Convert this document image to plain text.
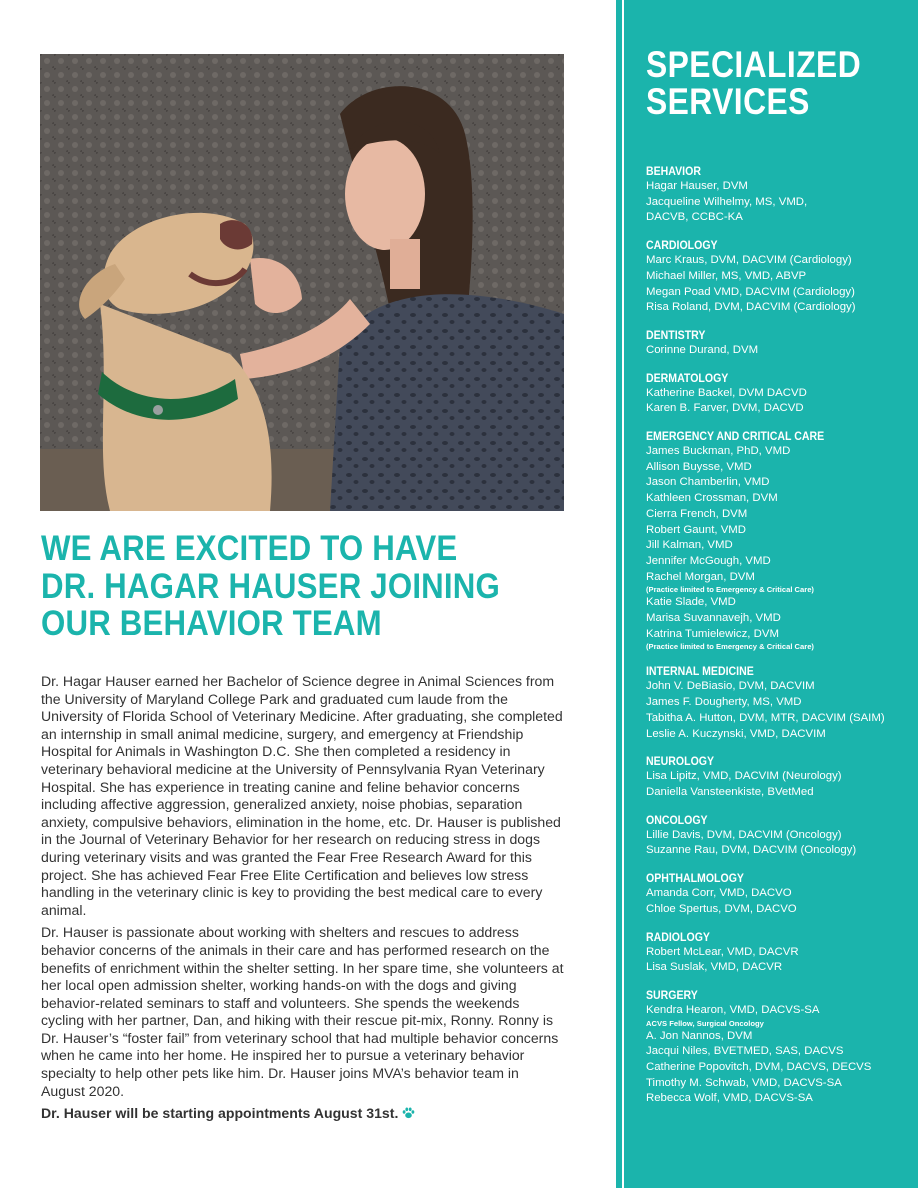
WE ARE EXCITED TO HAVE
DR. HAGAR HAUSER JOINING
OUR BEHAVIOR TEAM

Dr. Hagar Hauser earned her Bachelor of Science degree in Animal Sciences from the University of Maryland College Park and graduated cum laude from the University of Florida School of Veterinary Medicine. After graduating, she completed an internship in small animal medicine, surgery, and emergency at Friendship Hospital for Animals in Washington D.C. She then completed a residency in veterinary behavioral medicine at the University of Pennsylvania Ryan Veterinary Hospital. She has experience in treating canine and feline behavior concerns including affective aggression, generalized anxiety, noise phobias, separation anxiety, compulsive behaviors, elimination in the home, etc. Dr. Hauser is published in the Journal of Veterinary Behavior for her research on reducing stress in dogs during veterinary visits and was granted the Fear Free Research Award for this project. She has achieved Fear Free Elite Certification and believes low stress handling in the veterinary clinic is key to providing the best medical care to every animal.

Dr. Hauser is passionate about working with shelters and rescues to address behavior concerns of the animals in their care and has performed research on the benefits of enrichment within the shelter setting. In her spare time, she volunteers at her local open admission shelter, working hands-on with the dogs and giving behavior-related seminars to staff and volunteers. She spends the weekends cycling with her partner, Dan, and hiking with their rescue pit-mix, Ronny. Ronny is Dr. Hauser’s “foster fail” from veterinary school that had multiple behavior concerns when he came into her home. He inspired her to pursue a veterinary behavior specialty to help other pets like him. Dr. Hauser joins MVA’s behavior team in August 2020.

Dr. Hauser will be starting appointments August 31st.

SPECIALIZED
SERVICES
BEHAVIOR
Hagar Hauser, DVM
Jacqueline Wilhelmy, MS, VMD,
DACVB, CCBC-KA
CARDIOLOGY
Marc Kraus, DVM, DACVIM (Cardiology)
Michael Miller, MS, VMD, ABVP
Megan Poad VMD, DACVIM (Cardiology)
Risa Roland, DVM, DACVIM (Cardiology)
DENTISTRY
Corinne Durand, DVM
DERMATOLOGY
Katherine Backel, DVM DACVD
Karen B. Farver, DVM, DACVD
EMERGENCY AND CRITICAL CARE
James Buckman, PhD, VMD
Allison Buysse, VMD
Jason Chamberlin, VMD
Kathleen Crossman, DVM
Cierra French, DVM
Robert Gaunt, VMD
Jill Kalman, VMD
Jennifer McGough, VMD
Rachel Morgan, DVM
(Practice limited to Emergency & Critical Care)
Katie Slade, VMD
Marisa Suvannavejh, VMD
Katrina Tumielewicz, DVM
(Practice limited to Emergency & Critical Care)
INTERNAL MEDICINE
John V. DeBiasio, DVM, DACVIM
James F. Dougherty, MS, VMD
Tabitha A. Hutton, DVM, MTR, DACVIM (SAIM)
Leslie A. Kuczynski, VMD, DACVIM
NEUROLOGY
Lisa Lipitz, VMD, DACVIM (Neurology)
Daniella Vansteenkiste, BVetMed
ONCOLOGY
Lillie Davis, DVM, DACVIM (Oncology)
Suzanne Rau, DVM, DACVIM (Oncology)
OPHTHALMOLOGY
Amanda Corr, VMD, DACVO
Chloe Spertus, DVM, DACVO
RADIOLOGY
Robert McLear, VMD, DACVR
Lisa Suslak, VMD, DACVR
SURGERY
Kendra Hearon, VMD, DACVS-SA
ACVS Fellow, Surgical Oncology
A. Jon Nannos, DVM
Jacqui Niles, BVETMED, SAS, DACVS
Catherine Popovitch, DVM, DACVS, DECVS
Timothy M. Schwab, VMD, DACVS-SA
Rebecca Wolf, VMD, DACVS-SA
